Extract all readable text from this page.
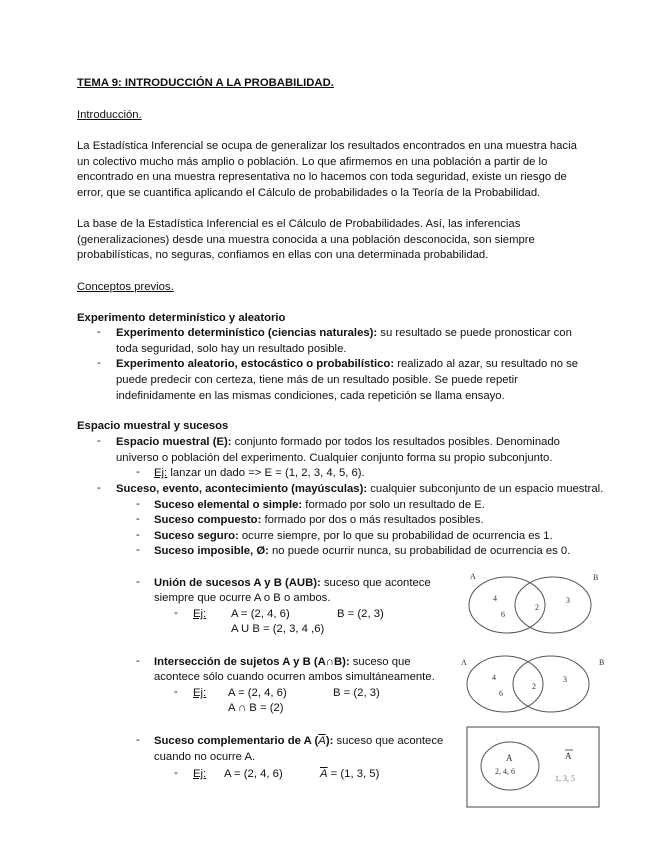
TEMA 9: INTRODUCCIÓN A LA PROBABILIDAD.
Introducción.
La Estadística Inferencial se ocupa de generalizar los resultados encontrados en una muestra hacia
un colectivo mucho más amplio o población. Lo que afirmemos en una población a partir de lo
encontrado en una muestra representativa no lo hacemos con toda seguridad, existe un riesgo de
error, que se cuantifica aplicando el Cálculo de probabilidades o la Teoría de la Probabilidad.
La base de la Estadística Inferencial es el Cálculo de Probabilidades. Así, las inferencias
(generalizaciones) desde una muestra conocida a una población desconocida, son siempre
probabilísticas, no seguras, confiamos en ellas con una determinada probabilidad.
Conceptos previos.
Experimento determinístico y aleatorio
- Experimento determinístico (ciencias naturales): su resultado se puede pronosticar con
toda seguridad, solo hay un resultado posible.
- Experimento aleatorio, estocástico o probabilístico: realizado al azar, su resultado no se
puede predecir con certeza, tiene más de un resultado posible. Se puede repetir
indefinidamente en las mismas condiciones, cada repetición se llama ensayo.
Espacio muestral y sucesos
- Espacio muestral (E): conjunto formado por todos los resultados posibles. Denominado
universo o población del experimento. Cualquier conjunto forma su propio subconjunto.
- Ej: lanzar un dado => E = (1, 2, 3, 4, 5, 6).
- Suceso, evento, acontecimiento (mayúsculas): cualquier subconjunto de un espacio muestral.
- Suceso elemental o simple: formado por solo un resultado de E.
- Suceso compuesto: formado por dos o más resultados posibles.
- Suceso seguro: ocurre siempre, por lo que su probabilidad de ocurrencia es 1.
- Suceso imposible, Ø: no puede ocurrir nunca, su probabilidad de ocurrencia es 0.
- Unión de sucesos A y B (AUB): suceso que acontece
siempre que ocurre A o B o ambos.
- Ej: A = (2, 4, 6)	B = (2, 3)
A U B = (2, 3, 4 ,6)
A	B
4
6
2
3
- Intersección de sujetos A y B (A∩B): suceso que
acontece sólo cuando ocurren ambos simultáneamente.
- Ej: A = (2, 4, 6)	B = (2, 3)
A ∩ B = (2)
A	B
4
6
2
3
- Suceso complementario de A $(\overline{A})$: suceso que acontece
cuando no ocurre A.
- Ej: A = (2, 4, 6)	$\overline{A} = (1$, 3, 5)
A
2, 4, 6
A
1, 3, 5
